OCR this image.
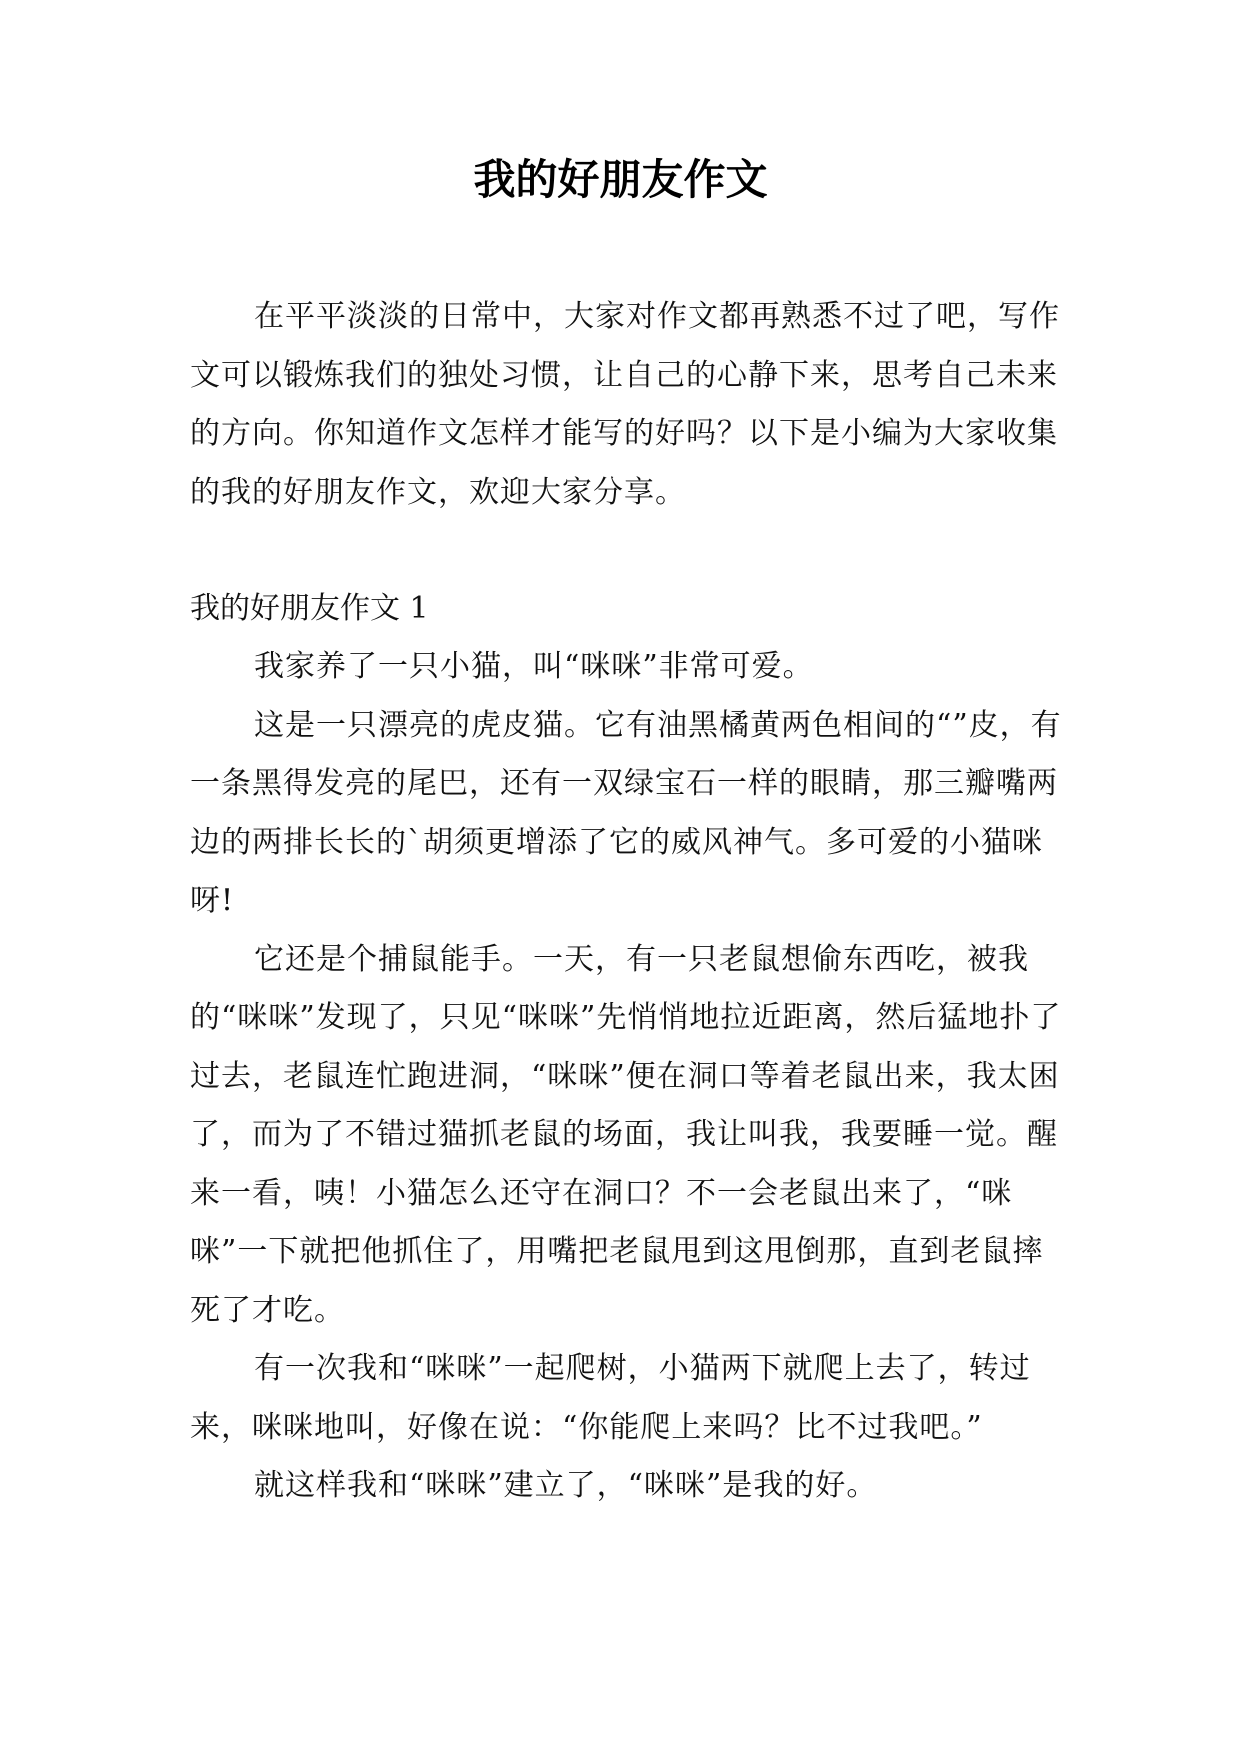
我的好朋友作文

在平平淡淡的日常中，大家对作文都再熟悉不过了吧，写作文可以锻炼我们的独处习惯，让自己的心静下来，思考自己未来的方向。你知道作文怎样才能写的好吗？以下是小编为大家收集的我的好朋友作文，欢迎大家分享。

我的好朋友作文 1

我家养了一只小猫，叫“咪咪”非常可爱。

这是一只漂亮的虎皮猫。它有油黑橘黄两色相间的“”皮，有一条黑得发亮的尾巴，还有一双绿宝石一样的眼睛，那三瓣嘴两边的两排长长的`胡须更增添了它的威风神气。多可爱的小猫咪呀!

它还是个捕鼠能手。一天，有一只老鼠想偷东西吃，被我的“咪咪”发现了，只见“咪咪”先悄悄地拉近距离，然后猛地扑了过去，老鼠连忙跑进洞，“咪咪”便在洞口等着老鼠出来，我太困了，而为了不错过猫抓老鼠的场面，我让叫我，我要睡一觉。醒来一看，咦！小猫怎么还守在洞口？不一会老鼠出来了，“咪咪”一下就把他抓住了，用嘴把老鼠甩到这甩倒那，直到老鼠摔死了才吃。

有一次我和“咪咪”一起爬树，小猫两下就爬上去了，转过来，咪咪地叫，好像在说：“你能爬上来吗？比不过我吧。”

就这样我和“咪咪”建立了，“咪咪”是我的好。
